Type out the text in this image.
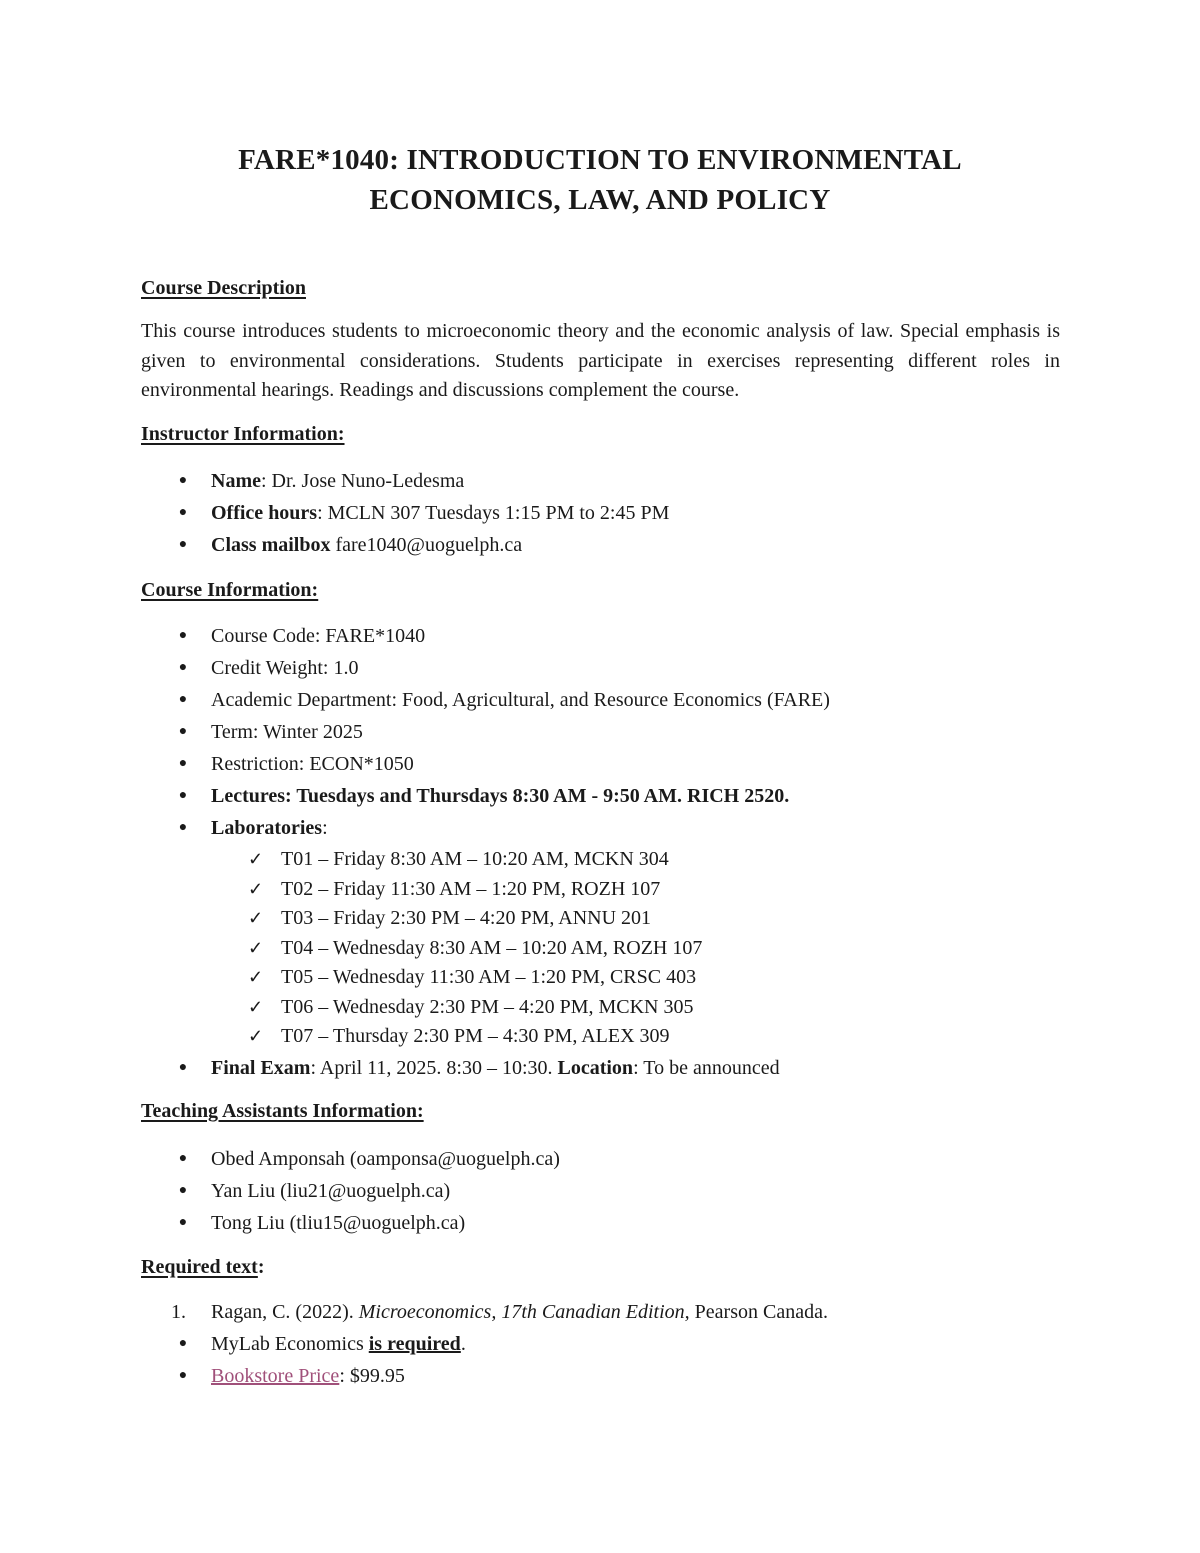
FARE*1040: INTRODUCTION TO ENVIRONMENTAL
ECONOMICS, LAW, AND POLICY
Course Description
This course introduces students to microeconomic theory and the economic analysis of law. Special emphasis is given to environmental considerations. Students participate in exercises representing different roles in environmental hearings. Readings and discussions complement the course.
Instructor Information:
● Name: Dr. Jose Nuno-Ledesma
● Office hours: MCLN 307 Tuesdays 1:15 PM to 2:45 PM
● Class mailbox fare1040@uoguelph.ca
Course Information:
● Course Code: FARE*1040
● Credit Weight: 1.0
● Academic Department: Food, Agricultural, and Resource Economics (FARE)
● Term: Winter 2025
● Restriction: ECON*1050
● Lectures: Tuesdays and Thursdays 8:30 AM - 9:50 AM. RICH 2520.
● Laboratories:
✓ T01 – Friday 8:30 AM – 10:20 AM, MCKN 304
✓ T02 – Friday 11:30 AM – 1:20 PM, ROZH 107
✓ T03 – Friday 2:30 PM – 4:20 PM, ANNU 201
✓ T04 – Wednesday 8:30 AM – 10:20 AM, ROZH 107
✓ T05 – Wednesday 11:30 AM – 1:20 PM, CRSC 403
✓ T06 – Wednesday 2:30 PM – 4:20 PM, MCKN 305
✓ T07 – Thursday 2:30 PM – 4:30 PM, ALEX 309
● Final Exam: April 11, 2025. 8:30 – 10:30. Location: To be announced
Teaching Assistants Information:
● Obed Amponsah (oamponsa@uoguelph.ca)
● Yan Liu (liu21@uoguelph.ca)
● Tong Liu (tliu15@uoguelph.ca)
Required text:
1. Ragan, C. (2022). Microeconomics, 17th Canadian Edition, Pearson Canada.
● MyLab Economics is required.
● Bookstore Price: $99.95
